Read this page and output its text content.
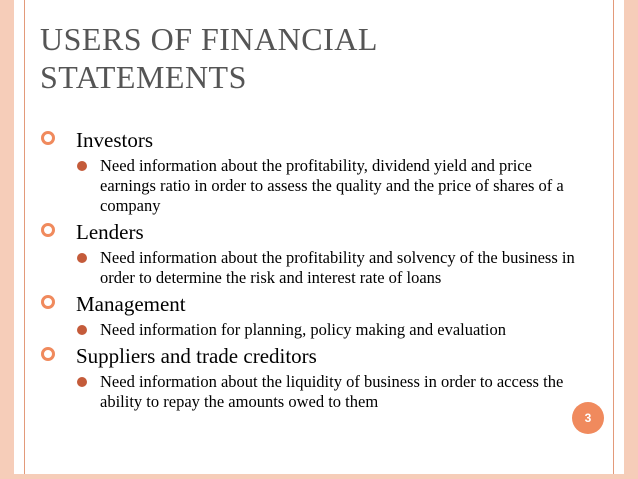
USERS OF FINANCIAL STATEMENTS
Investors
Need information about the profitability, dividend yield and price earnings ratio in order to assess the quality and the price of shares of a company
Lenders
Need information about the profitability and solvency of the business in order to determine the risk and interest rate of loans
Management
Need information for planning, policy making and evaluation
Suppliers and trade creditors
Need information about the liquidity of business in order to access the ability to repay the amounts owed to them
3
